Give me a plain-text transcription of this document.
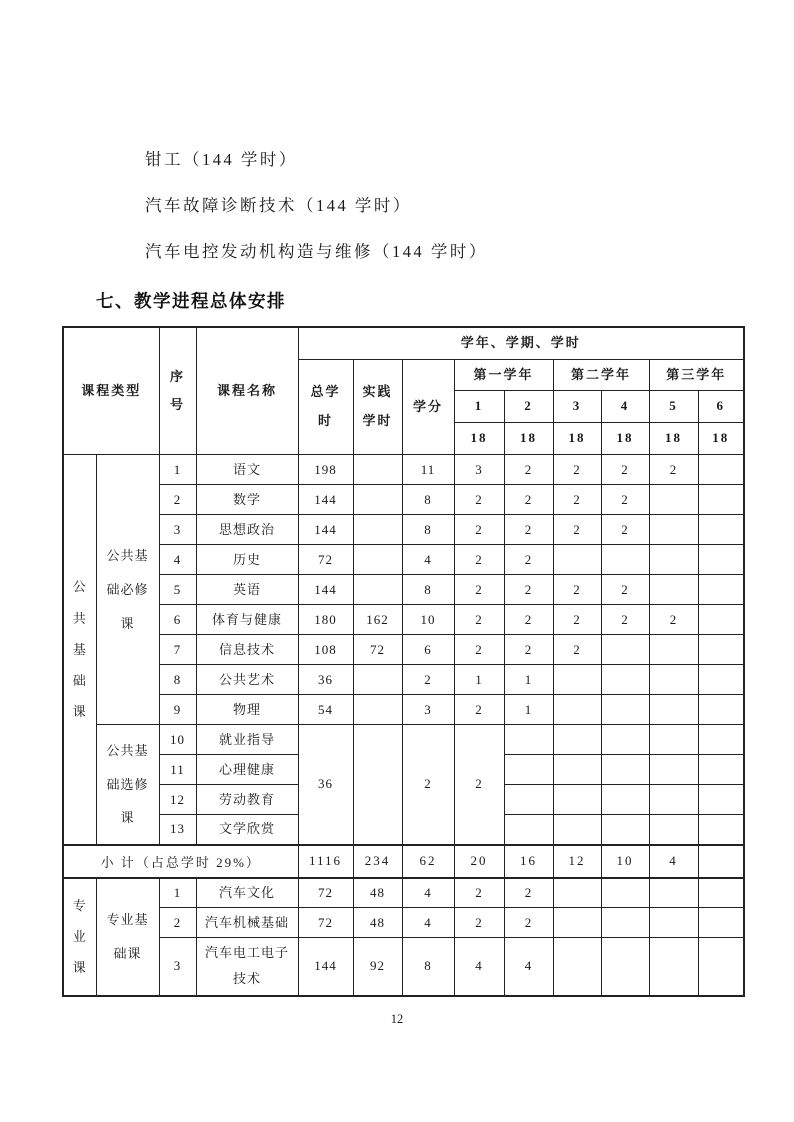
钳工（144 学时）

汽车故障诊断技术（144 学时）

汽车电控发动机构造与维修（144 学时）

七、教学进程总体安排
课程类型		序号	课程名称	学年、学期、学时								
				总学时	实践学时	学分	第一学年		第二学年		第三学年	
							1	2	3	4	5	6
							18	18	18	18	18	18
公共基础课	公共基础必修课	1	语文	198		11	3	2	2	2	2	
		2	数学	144		8	2	2	2	2		
		3	思想政治	144		8	2	2	2	2		
		4	历史	72		4	2	2				
		5	英语	144		8	2	2	2	2		
		6	体育与健康	180	162	10	2	2	2	2	2	
		7	信息技术	108	72	6	2	2	2			
		8	公共艺术	36		2	1	1				
		9	物理	54		3	2	1				
	公共基础选修课	10	就业指导	36		2	2					
		11	心理健康									
		12	劳动教育									
		13	文学欣赏									
小 计（占总学时 29%）				1116	234	62	20	16	12	10	4	
专业课	专业基础课	1	汽车文化	72	48	4	2	2				
		2	汽车机械基础	72	48	4	2	2				
		3	汽车电工电子技术	144	92	8	4	4				
12
